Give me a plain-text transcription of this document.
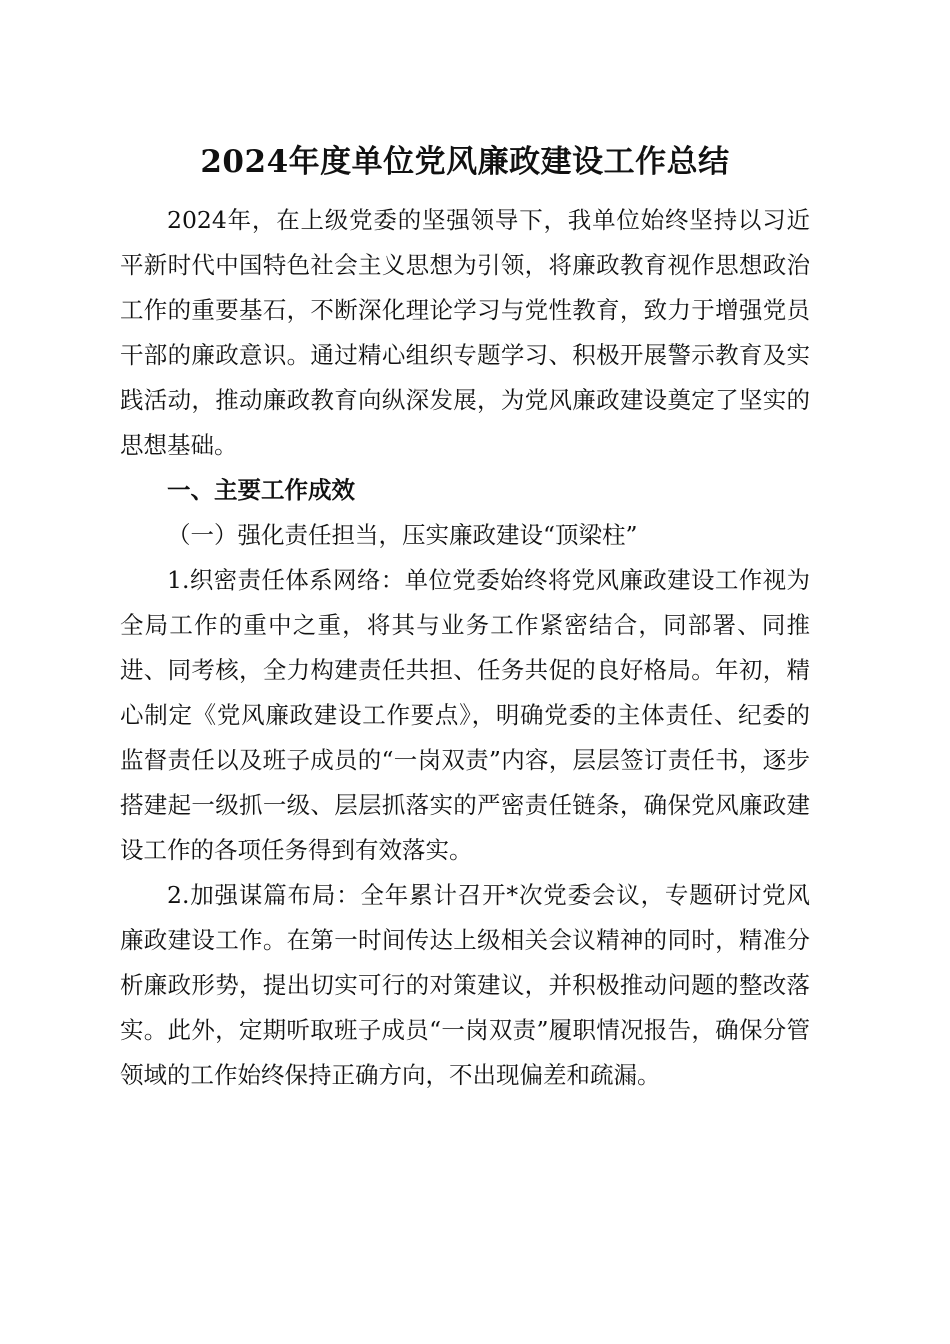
2024年度单位党风廉政建设工作总结

2024年，在上级党委的坚强领导下，我单位始终坚持以习近平新时代中国特色社会主义思想为引领，将廉政教育视作思想政治工作的重要基石，不断深化理论学习与党性教育，致力于增强党员干部的廉政意识。通过精心组织专题学习、积极开展警示教育及实践活动，推动廉政教育向纵深发展，为党风廉政建设奠定了坚实的思想基础。

一、主要工作成效

（一）强化责任担当，压实廉政建设“顶梁柱”

1.织密责任体系网络：单位党委始终将党风廉政建设工作视为全局工作的重中之重，将其与业务工作紧密结合，同部署、同推进、同考核，全力构建责任共担、任务共促的良好格局。年初，精心制定《党风廉政建设工作要点》，明确党委的主体责任、纪委的监督责任以及班子成员的“一岗双责”内容，层层签订责任书，逐步搭建起一级抓一级、层层抓落实的严密责任链条，确保党风廉政建设工作的各项任务得到有效落实。

2.加强谋篇布局：全年累计召开*次党委会议，专题研讨党风廉政建设工作。在第一时间传达上级相关会议精神的同时，精准分析廉政形势，提出切实可行的对策建议，并积极推动问题的整改落实。此外，定期听取班子成员“一岗双责”履职情况报告，确保分管领域的工作始终保持正确方向，不出现偏差和疏漏。
